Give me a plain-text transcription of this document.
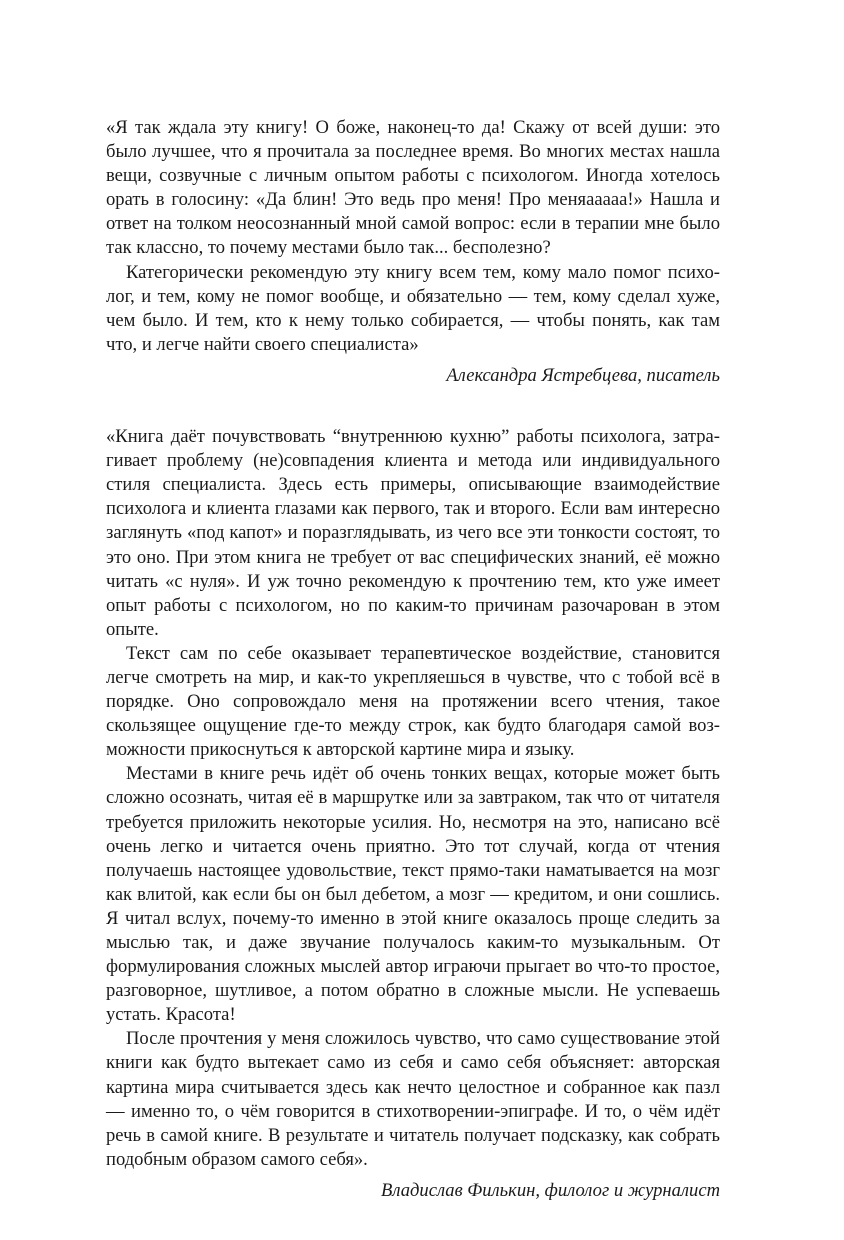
«Я так ждала эту книгу! О боже, наконец-то да! Скажу от всей души: это было лучшее, что я прочитала за последнее время. Во многих местах нашла вещи, созвучные с личным опытом работы с психологом. Иногда хотелось орать в голосину: «Да блин! Это ведь про меня! Про меняааааа!» Нашла и ответ на толком неосознанный мной самой вопрос: если в терапии мне было так классно, то почему местами было так... бесполезно?

Категорически рекомендую эту книгу всем тем, кому мало помог психолог, и тем, кому не помог вообще, и обязательно — тем, кому сделал хуже, чем было. И тем, кто к нему только собирается, — чтобы понять, как там что, и легче найти своего специалиста»

Александра Ястребцева, писатель

«Книга даёт почувствовать “внутреннюю кухню” работы психолога, затрагивает проблему (не)совпадения клиента и метода или индивидуального стиля специалиста. Здесь есть примеры, описывающие взаимодействие психолога и клиента глазами как первого, так и второго. Если вам интересно заглянуть «под капот» и поразглядывать, из чего все эти тонкости состоят, то это оно. При этом книга не требует от вас специфических знаний, её можно читать «с нуля». И уж точно рекомендую к прочтению тем, кто уже имеет опыт работы с психологом, но по каким-то причинам разочарован в этом опыте.

Текст сам по себе оказывает терапевтическое воздействие, становится легче смотреть на мир, и как-то укрепляешься в чувстве, что с тобой всё в порядке. Оно сопровождало меня на протяжении всего чтения, такое скользящее ощущение где-то между строк, как будто благодаря самой возможности прикоснуться к авторской картине мира и языку.

Местами в книге речь идёт об очень тонких вещах, которые может быть сложно осознать, читая её в маршрутке или за завтраком, так что от читателя требуется приложить некоторые усилия. Но, несмотря на это, написано всё очень легко и читается очень приятно. Это тот случай, когда от чтения получаешь настоящее удовольствие, текст прямо-таки наматывается на мозг как влитой, как если бы он был дебетом, а мозг — кредитом, и они сошлись. Я читал вслух, почему-то именно в этой книге оказалось проще следить за мыслью так, и даже звучание получалось каким-то музыкальным. От формулирования сложных мыслей автор играючи прыгает во что-то простое, разговорное, шутливое, а потом обратно в сложные мысли. Не успеваешь устать. Красота!

После прочтения у меня сложилось чувство, что само существование этой книги как будто вытекает само из себя и само себя объясняет: авторская картина мира считывается здесь как нечто целостное и собранное как пазл — именно то, о чём говорится в стихотворении-эпиграфе. И то, о чём идёт речь в самой книге. В результате и читатель получает подсказку, как собрать подобным образом самого себя».

Владислав Филькин, филолог и журналист
